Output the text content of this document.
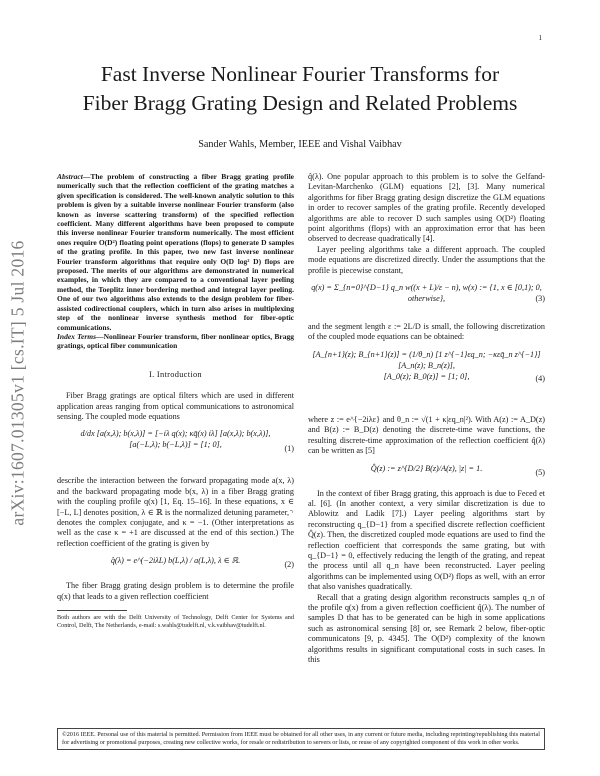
1
arXiv:1607.01305v1 [cs.IT] 5 Jul 2016
Fast Inverse Nonlinear Fourier Transforms for
Fiber Bragg Grating Design and Related Problems
Sander Wahls, Member, IEEE and Vishal Vaibhav

Abstract—The problem of constructing a fiber Bragg grating profile numerically such that the reflection coefficient of the grating matches a given specification is considered. The well-known analytic solution to this problem is given by a suitable inverse nonlinear Fourier transform (also known as inverse scattering transform) of the specified reflection coefficient. Many different algorithms have been proposed to compute this inverse nonlinear Fourier transform numerically. The most efficient ones require O(D²) floating point operations (flops) to generate D samples of the grating profile. In this paper, two new fast inverse nonlinear Fourier transform algorithms that require only O(D log² D) flops are proposed. The merits of our algorithms are demonstrated in numerical examples, in which they are compared to a conventional layer peeling method, the Toeplitz inner bordering method and integral layer peeling. One of our two algorithms also extends to the design problem for fiber-assisted codirectional couplers, which in turn also arises in multiplexing step of the nonlinear inverse synthesis method for fiber-optic communications.

Index Terms—Nonlinear Fourier transform, fiber nonlinear optics, Bragg gratings, optical fiber communication

I. Introduction

Fiber Bragg gratings are optical filters which are used in different application areas ranging from optical communications to astronomical sensing. The coupled mode equations

d/dx [a(x,λ); b(x,λ)] = [−iλ q(x); κq̄(x) iλ] [a(x,λ); b(x,λ)],
[a(−L,λ); b(−L,λ)] = [1; 0],	(1)

describe the interaction between the forward propagating mode a(x, λ) and the backward propagating mode b(x, λ) in a fiber Bragg grating with the coupling profile q(x) [1, Eq. 15–16]. In these equations, x ∈ [−L, L] denotes position, λ ∈ ℝ is the normalized detuning parameter, ̄· denotes the complex conjugate, and κ = −1. (Other interpretations as well as the case κ = +1 are discussed at the end of this section.) The reflection coefficient of the grating is given by

q̂(λ) = e^(−2iλL) b(L,λ) / a(L,λ), λ ∈ ℝ.	(2)

The fiber Bragg grating design problem is to determine the profile q(x) that leads to a given reflection coefficient

Both authors are with the Delft University of Technology, Delft Center for Systems and Control, Delft, The Netherlands, e-mail: s.wahls@tudelft.nl, v.k.vaibhav@tudelft.nl.

q̂(λ). One popular approach to this problem is to solve the Gelfand-Levitan-Marchenko (GLM) equations [2], [3]. Many numerical algorithms for fiber Bragg grating design discretize the GLM equations in order to recover samples of the grating profile. Recently developed algorithms are able to recover D such samples using O(D²) floating point algorithms (flops) with an approximation error that has been observed to decrease quadratically [4].

Layer peeling algorithms take a different approach. The coupled mode equations are discretized directly. Under the assumptions that the profile is piecewise constant,

q(x) = Σ_{n=0}^{D−1} q_n w((x + L)/ε − n), w(x) := {1, x ∈ [0,1); 0, otherwise},	(3)

and the segment length ε := 2L/D is small, the following discretization of the coupled mode equations can be obtained:

[A_{n+1}(z); B_{n+1}(z)] = (1/θ_n) [1 z^{−1}εq_n; −κεq̄_n z^{−1}] [A_n(z); B_n(z)],
[A_0(z); B_0(z)] = [1; 0],	(4)

where z := e^{−2iλε} and θ_n := √(1 + κ|εq_n|²). With A(z) := A_D(z) and B(z) := B_D(z) denoting the discrete-time wave functions, the resulting discrete-time approximation of the reflection coefficient q̂(λ) can be written as [5]

Q̂(z) := z^{D/2} B(z)/A(z), |z| = 1.	(5)

In the context of fiber Bragg grating, this approach is due to Feced et al. [6]. (In another context, a very similar discretization is due to Ablowitz and Ladik [7].) Layer peeling algorithms start by reconstructing q_{D−1} from a specified discrete reflection coefficient Q̂(z). Then, the discretized coupled mode equations are used to find the reflection coefficient that corresponds the same grating, but with q_{D−1} = 0, effectively reducing the length of the grating, and repeat the process until all q_n have been reconstructed. Layer peeling algorithms can be implemented using O(D²) flops as well, with an error that also vanishes quadratically.

Recall that a grating design algorithm reconstructs samples q_n of the profile q(x) from a given reflection coefficient q̂(λ). The number of samples D that has to be generated can be high in some applications such as astronomical sensing [8] or, see Remark 2 below, fiber-optic communicatons [9, p. 4345]. The O(D²) complexity of the known algorithms results in significant computational costs in such cases. In this

©2016 IEEE. Personal use of this material is permitted. Permission from IEEE must be obtained for all other uses, in any current or future media, including reprinting/republishing this material for advertising or promotional purposes, creating new collective works, for resale or redistribution to servers or lists, or reuse of any copyrighted component of this work in other works.
